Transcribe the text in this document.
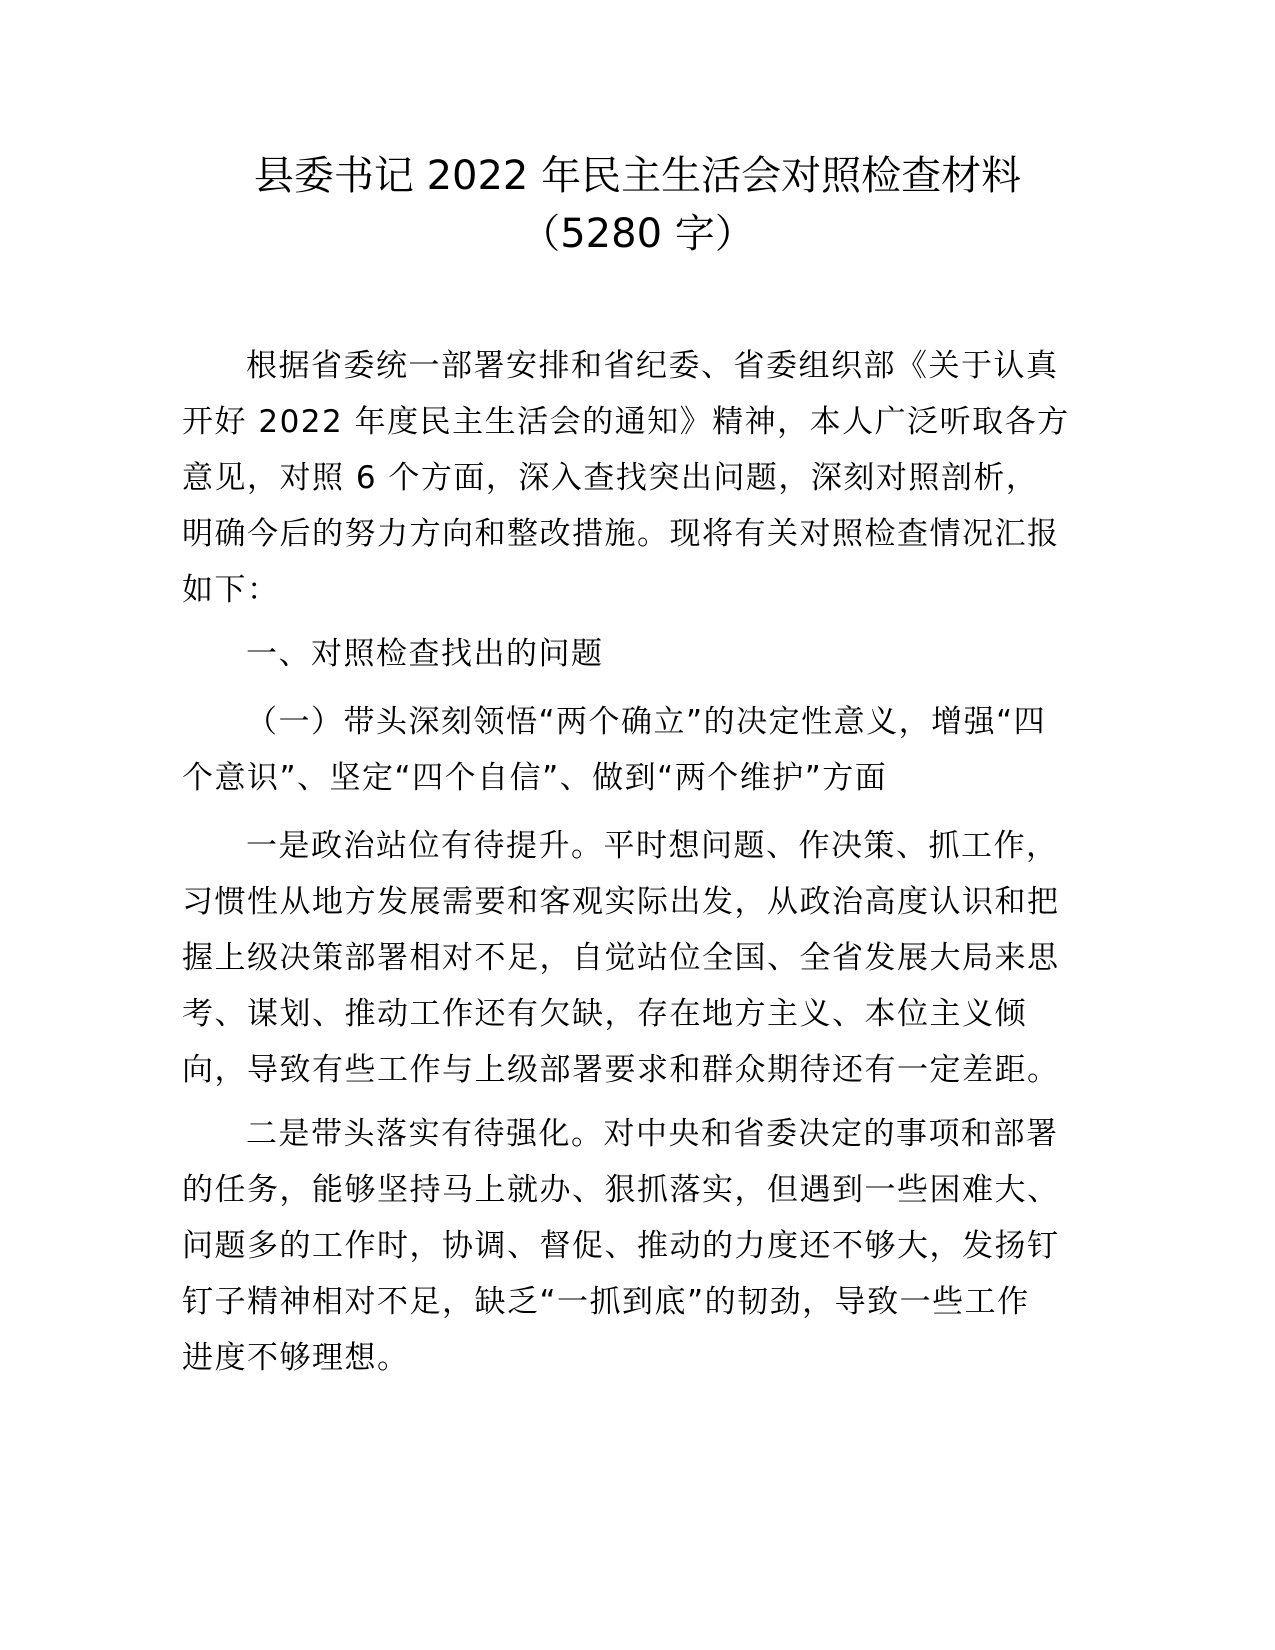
县委书记 2022 年民主生活会对照检查材料
（5280 字）
根据省委统一部署安排和省纪委、省委组织部《关于认真
开好 2022 年度民主生活会的通知》精神，本人广泛听取各方
意见，对照 6 个方面，深入查找突出问题，深刻对照剖析，
明确今后的努力方向和整改措施。现将有关对照检查情况汇报
如下：
一、对照检查找出的问题
（一）带头深刻领悟“两个确立”的决定性意义，增强“四
个意识”、坚定“四个自信”、做到“两个维护”方面
一是政治站位有待提升。平时想问题、作决策、抓工作，
习惯性从地方发展需要和客观实际出发，从政治高度认识和把
握上级决策部署相对不足，自觉站位全国、全省发展大局来思
考、谋划、推动工作还有欠缺，存在地方主义、本位主义倾
向，导致有些工作与上级部署要求和群众期待还有一定差距。
二是带头落实有待强化。对中央和省委决定的事项和部署
的任务，能够坚持马上就办、狠抓落实，但遇到一些困难大、
问题多的工作时，协调、督促、推动的力度还不够大，发扬钉
钉子精神相对不足，缺乏“一抓到底”的韧劲，导致一些工作
进度不够理想。
